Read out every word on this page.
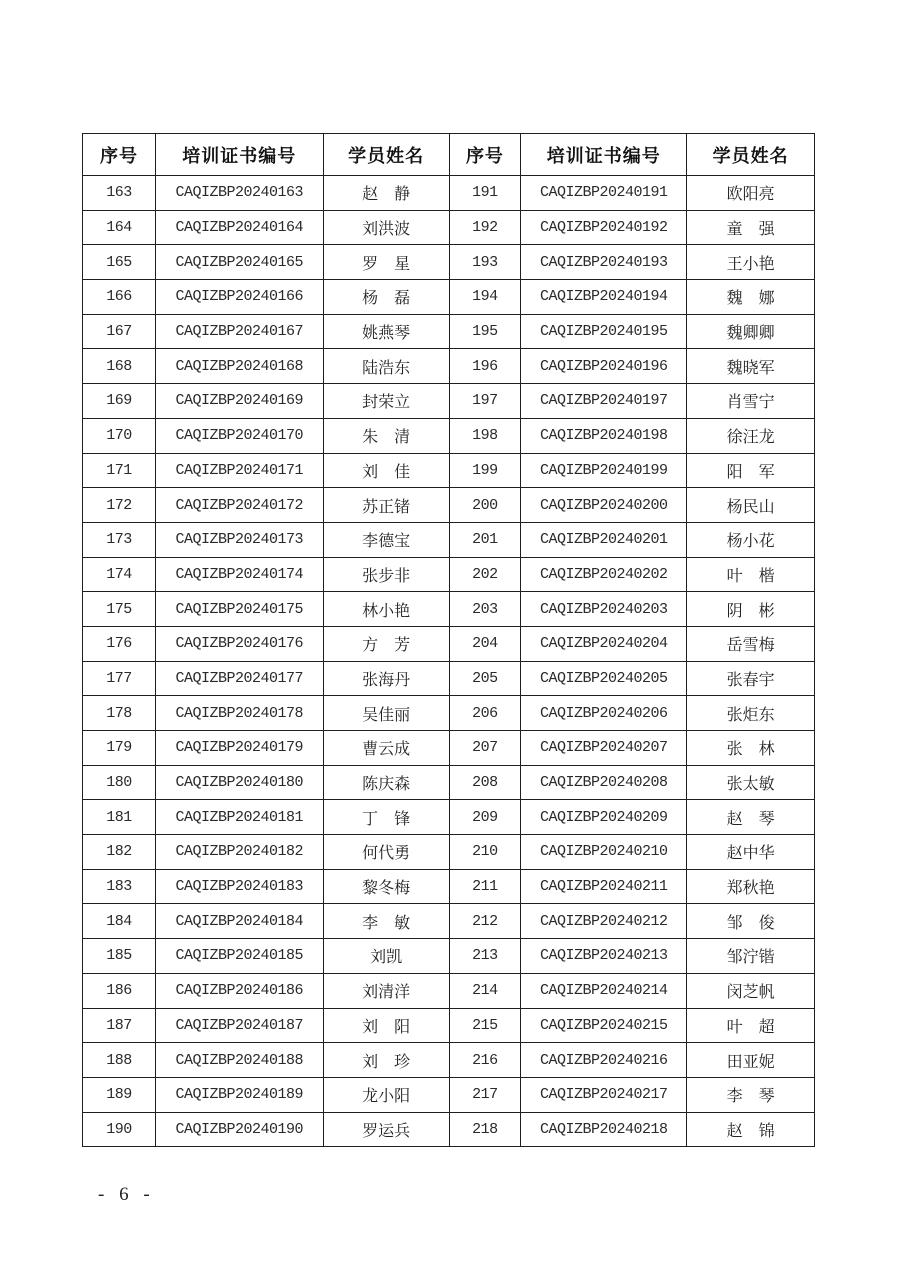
序号	培训证书编号	学员姓名	序号	培训证书编号	学员姓名
163	CAQIZBP20240163	赵　静	191	CAQIZBP20240191	欧阳亮
164	CAQIZBP20240164	刘洪波	192	CAQIZBP20240192	童　强
165	CAQIZBP20240165	罗　星	193	CAQIZBP20240193	王小艳
166	CAQIZBP20240166	杨　磊	194	CAQIZBP20240194	魏　娜
167	CAQIZBP20240167	姚燕琴	195	CAQIZBP20240195	魏卿卿
168	CAQIZBP20240168	陆浩东	196	CAQIZBP20240196	魏晓军
169	CAQIZBP20240169	封荣立	197	CAQIZBP20240197	肖雪宁
170	CAQIZBP20240170	朱　清	198	CAQIZBP20240198	徐汪龙
171	CAQIZBP20240171	刘　佳	199	CAQIZBP20240199	阳　军
172	CAQIZBP20240172	苏正锗	200	CAQIZBP20240200	杨民山
173	CAQIZBP20240173	李德宝	201	CAQIZBP20240201	杨小花
174	CAQIZBP20240174	张步非	202	CAQIZBP20240202	叶　楷
175	CAQIZBP20240175	林小艳	203	CAQIZBP20240203	阴　彬
176	CAQIZBP20240176	方　芳	204	CAQIZBP20240204	岳雪梅
177	CAQIZBP20240177	张海丹	205	CAQIZBP20240205	张春宇
178	CAQIZBP20240178	吴佳丽	206	CAQIZBP20240206	张炬东
179	CAQIZBP20240179	曹云成	207	CAQIZBP20240207	张　林
180	CAQIZBP20240180	陈庆森	208	CAQIZBP20240208	张太敏
181	CAQIZBP20240181	丁　锋	209	CAQIZBP20240209	赵　琴
182	CAQIZBP20240182	何代勇	210	CAQIZBP20240210	赵中华
183	CAQIZBP20240183	黎冬梅	211	CAQIZBP20240211	郑秋艳
184	CAQIZBP20240184	李　敏	212	CAQIZBP20240212	邹　俊
185	CAQIZBP20240185	刘凯	213	CAQIZBP20240213	邹泞锴
186	CAQIZBP20240186	刘清洋	214	CAQIZBP20240214	闵芝帆
187	CAQIZBP20240187	刘　阳	215	CAQIZBP20240215	叶　超
188	CAQIZBP20240188	刘　珍	216	CAQIZBP20240216	田亚妮
189	CAQIZBP20240189	龙小阳	217	CAQIZBP20240217	李　琴
190	CAQIZBP20240190	罗运兵	218	CAQIZBP20240218	赵　锦
- 6 -
